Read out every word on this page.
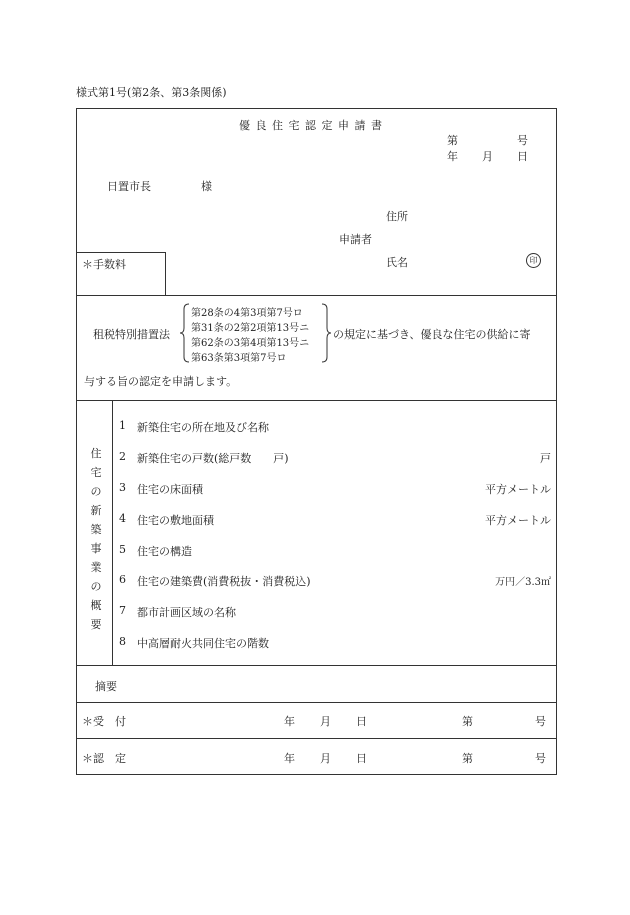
様式第1号(第2条、第3条関係)
＊手数料
優 良 住 宅 認 定 申 請 書
第	号
年 月 日
日置市長	様
住所
申請者
氏名	印
租税特別措置法
第28条の4第3項第7号ロ
第31条の2第2項第13号ニ
第62条の3第4項第13号ニ
第63条第3項第7号ロ
の規定に基づき、優良な住宅の供給に寄
与する旨の認定を申請します。
住
宅
の
新
築
事
業
の
概
要
1 新築住宅の所在地及び名称
2 新築住宅の戸数(総戸数　　戸)	戸
3 住宅の床面積	平方メートル
4 住宅の敷地面積	平方メートル
5 住宅の構造
6 住宅の建築費(消費税抜・消費税込)	万円／3.3㎡
7 都市計画区域の名称
8 中高層耐火共同住宅の階数
摘要
＊受　付	年 月 日	第	号
＊認　定	年 月 日	第	号
